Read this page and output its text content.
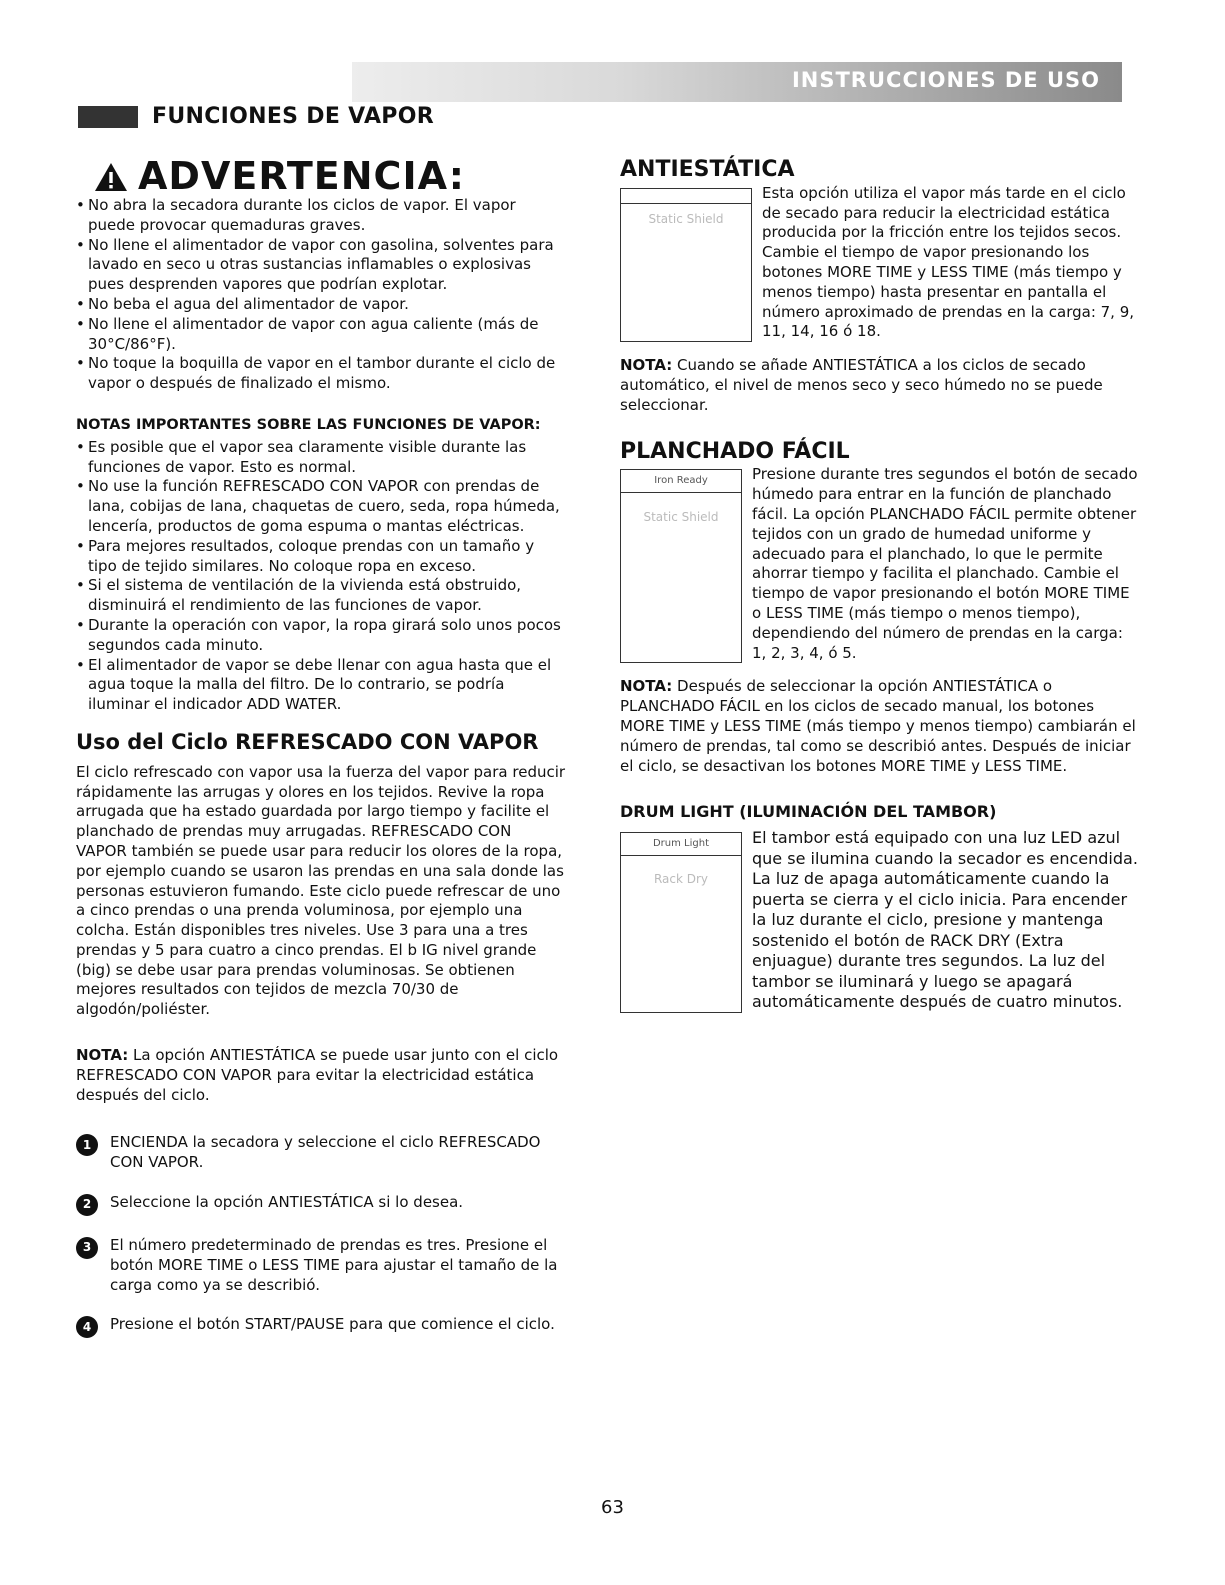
INSTRUCCIONES DE USO
FUNCIONES DE VAPOR
ADVERTENCIA:
• No abra la secadora durante los ciclos de vapor. El vapor puede provocar quemaduras graves.
• No llene el alimentador de vapor con gasolina, solventes para lavado en seco u otras sustancias inflamables o explosivas pues desprenden vapores que podrían explotar.
• No beba el agua del alimentador de vapor.
• No llene el alimentador de vapor con agua caliente (más de 30°C/86°F).
• No toque la boquilla de vapor en el tambor durante el ciclo de vapor o después de finalizado el mismo.
NOTAS IMPORTANTES SOBRE LAS FUNCIONES DE VAPOR:
• Es posible que el vapor sea claramente visible durante las funciones de vapor. Esto es normal.
• No use la función REFRESCADO CON VAPOR con prendas de lana, cobijas de lana, chaquetas de cuero, seda, ropa húmeda, lencería, productos de goma espuma o mantas eléctricas.
• Para mejores resultados, coloque prendas con un tamaño y tipo de tejido similares. No coloque ropa en exceso.
• Si el sistema de ventilación de la vivienda está obstruido, disminuirá el rendimiento de las funciones de vapor.
• Durante la operación con vapor, la ropa girará solo unos pocos segundos cada minuto.
• El alimentador de vapor se debe llenar con agua hasta que el agua toque la malla del filtro. De lo contrario, se podría iluminar el indicador ADD WATER.
Uso del Ciclo REFRESCADO CON VAPOR

El ciclo refrescado con vapor usa la fuerza del vapor para reducir rápidamente las arrugas y olores en los tejidos. Revive la ropa arrugada que ha estado guardada por largo tiempo y facilite el planchado de prendas muy arrugadas. REFRESCADO CON VAPOR también se puede usar para reducir los olores de la ropa, por ejemplo cuando se usaron las prendas en una sala donde las personas estuvieron fumando. Este ciclo puede refrescar de uno a cinco prendas o una prenda voluminosa, por ejemplo una colcha. Están disponibles tres niveles. Use 3 para una a tres prendas y 5 para cuatro a cinco prendas. El b IG nivel grande (big) se debe usar para prendas voluminosas. Se obtienen mejores resultados con tejidos de mezcla 70/30 de algodón/poliéster.

NOTA: La opción ANTIESTÁTICA se puede usar junto con el ciclo REFRESCADO CON VAPOR para evitar la electricidad estática después del ciclo.

1	ENCIENDA la secadora y seleccione el ciclo REFRESCADO CON VAPOR.
2	Seleccione la opción ANTIESTÁTICA si lo desea.
3	El número predeterminado de prendas es tres. Presione el botón MORE TIME o LESS TIME para ajustar el tamaño de la carga como ya se describió.
4	Presione el botón START/PAUSE para que comience el ciclo.
ANTIESTÁTICA
Static Shield

Esta opción utiliza el vapor más tarde en el ciclo de secado para reducir la electricidad estática producida por la fricción entre los tejidos secos. Cambie el tiempo de vapor presionando los botones MORE TIME y LESS TIME (más tiempo y menos tiempo) hasta presentar en pantalla el número aproximado de prendas en la carga: 7, 9, 11, 14, 16 ó 18.

NOTA: Cuando se añade ANTIESTÁTICA a los ciclos de secado automático, el nivel de menos seco y seco húmedo no se puede seleccionar.

PLANCHADO FÁCIL
Iron Ready
Static Shield

Presione durante tres segundos el botón de secado húmedo para entrar en la función de planchado fácil. La opción PLANCHADO FÁCIL permite obtener tejidos con un grado de humedad uniforme y adecuado para el planchado, lo que le permite ahorrar tiempo y facilita el planchado. Cambie el tiempo de vapor presionando el botón MORE TIME o LESS TIME (más tiempo o menos tiempo), dependiendo del número de prendas en la carga: 1, 2, 3, 4, ó 5.

NOTA: Después de seleccionar la opción ANTIESTÁTICA o PLANCHADO FÁCIL en los ciclos de secado manual, los botones MORE TIME y LESS TIME (más tiempo y menos tiempo) cambiarán el número de prendas, tal como se describió antes. Después de iniciar el ciclo, se desactivan los botones MORE TIME y LESS TIME.

DRUM LIGHT (ILUMINACIÓN DEL TAMBOR)
Drum Light
Rack Dry

El tambor está equipado con una luz LED azul que se ilumina cuando la secador es encendida. La luz de apaga automáticamente cuando la puerta se cierra y el ciclo inicia. Para encender la luz durante el ciclo, presione y mantenga sostenido el botón de RACK DRY (Extra enjuague) durante tres segundos. La luz del tambor se iluminará y luego se apagará automáticamente después de cuatro minutos.

63
